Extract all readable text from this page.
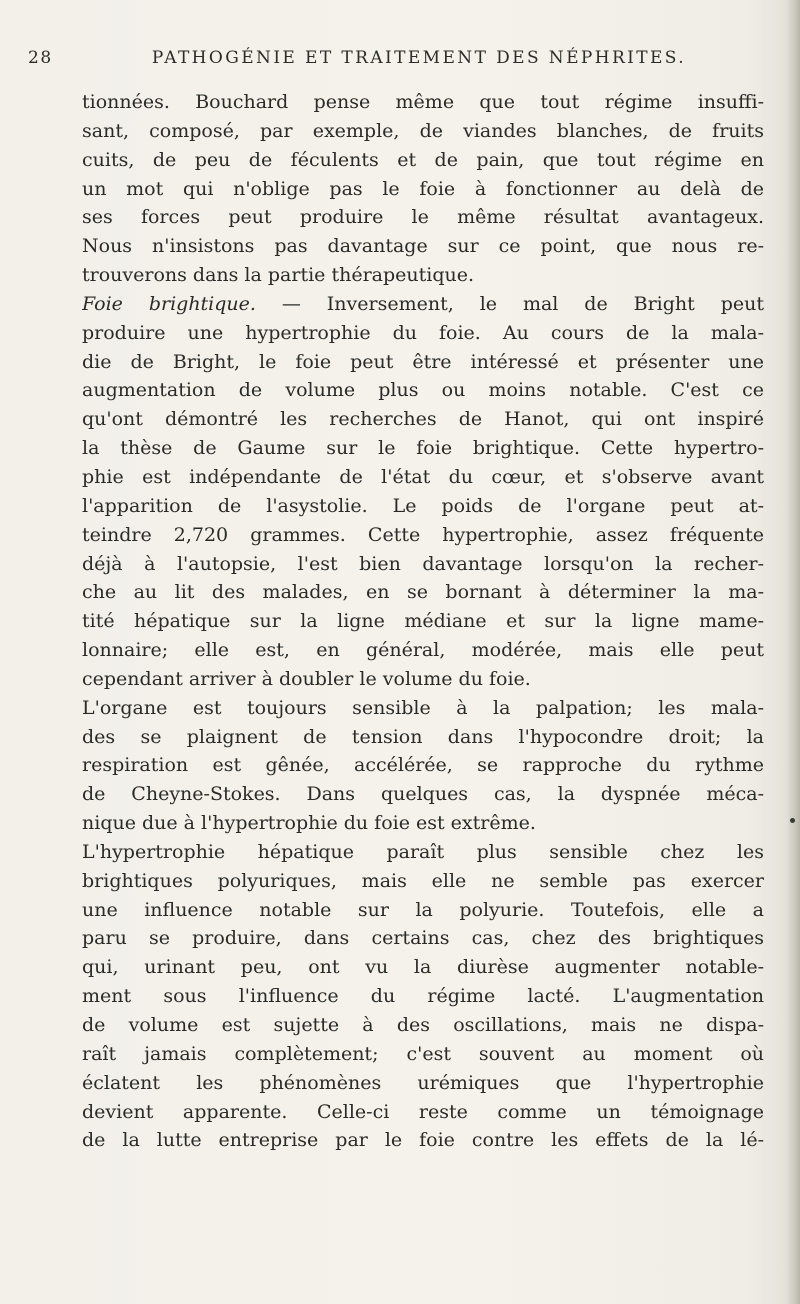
28	PATHOGÉNIE ET TRAITEMENT DES NÉPHRITES.
tionnées. Bouchard pense même que tout régime insuffi-
sant, composé, par exemple, de viandes blanches, de fruits
cuits, de peu de féculents et de pain, que tout régime en
un mot qui n'oblige pas le foie à fonctionner au delà de
ses forces peut produire le même résultat avantageux.
Nous n'insistons pas davantage sur ce point, que nous re-
trouverons dans la partie thérapeutique.
Foie brightique. — Inversement, le mal de Bright peut
produire une hypertrophie du foie. Au cours de la mala-
die de Bright, le foie peut être intéressé et présenter une
augmentation de volume plus ou moins notable. C'est ce
qu'ont démontré les recherches de Hanot, qui ont inspiré
la thèse de Gaume sur le foie brightique. Cette hypertro-
phie est indépendante de l'état du cœur, et s'observe avant
l'apparition de l'asystolie. Le poids de l'organe peut at-
teindre 2,720 grammes. Cette hypertrophie, assez fréquente
déjà à l'autopsie, l'est bien davantage lorsqu'on la recher-
che au lit des malades, en se bornant à déterminer la ma-
tité hépatique sur la ligne médiane et sur la ligne mame-
lonnaire; elle est, en général, modérée, mais elle peut
cependant arriver à doubler le volume du foie.
L'organe est toujours sensible à la palpation; les mala-
des se plaignent de tension dans l'hypocondre droit; la
respiration est gênée, accélérée, se rapproche du rythme
de Cheyne-Stokes. Dans quelques cas, la dyspnée méca-
nique due à l'hypertrophie du foie est extrême.
L'hypertrophie hépatique paraît plus sensible chez les
brightiques polyuriques, mais elle ne semble pas exercer
une influence notable sur la polyurie. Toutefois, elle a
paru se produire, dans certains cas, chez des brightiques
qui, urinant peu, ont vu la diurèse augmenter notable-
ment sous l'influence du régime lacté. L'augmentation
de volume est sujette à des oscillations, mais ne dispa-
raît jamais complètement; c'est souvent au moment où
éclatent les phénomènes urémiques que l'hypertrophie
devient apparente. Celle-ci reste comme un témoignage
de la lutte entreprise par le foie contre les effets de la lé-
